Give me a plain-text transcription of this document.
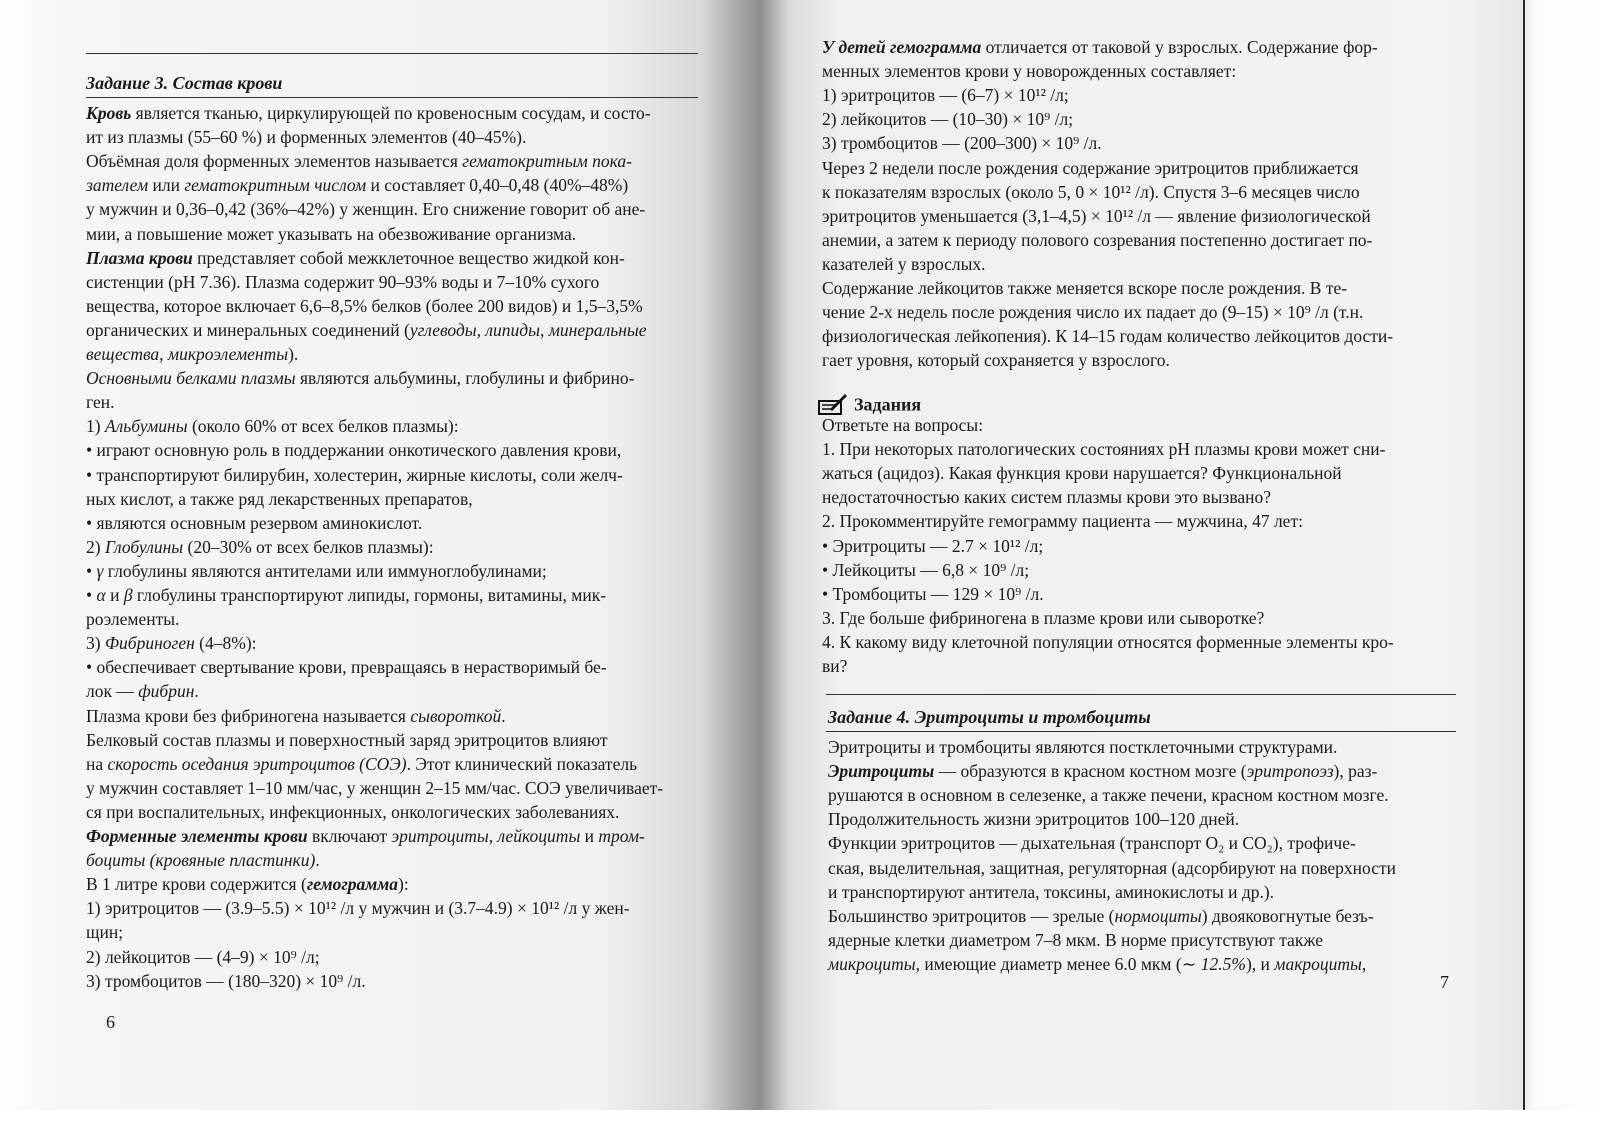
Задание 3. Состав крови
Кровь является тканью, циркулирующей по кровеносным сосудам, и состо-
ит из плазмы (55–60 %) и форменных элементов (40–45%).
Объёмная доля форменных элементов называется гематокритным пока-
зателем или гематокритным числом и составляет 0,40–0,48 (40%–48%)
у мужчин и 0,36–0,42 (36%–42%) у женщин. Его снижение говорит об ане-
мии, а повышение может указывать на обезвоживание организма.
Плазма крови представляет собой межклеточное вещество жидкой кон-
систенции (pH 7.36). Плазма содержит 90–93% воды и 7–10% сухого
вещества, которое включает 6,6–8,5% белков (более 200 видов) и 1,5–3,5%
органических и минеральных соединений (углеводы, липиды, минеральные
вещества, микроэлементы).
Основными белками плазмы являются альбумины, глобулины и фибрино-
ген.
1) Альбумины (около 60% от всех белков плазмы):
• играют основную роль в поддержании онкотического давления крови,
• транспортируют билирубин, холестерин, жирные кислоты, соли желч-
ных кислот, а также ряд лекарственных препаратов,
• являются основным резервом аминокислот.
2) Глобулины (20–30% от всех белков плазмы):
• γ глобулины являются антителами или иммуноглобулинами;
• α и β глобулины транспортируют липиды, гормоны, витамины, мик-
роэлементы.
3) Фибриноген (4–8%):
• обеспечивает свертывание крови, превращаясь в нерастворимый бе-
лок — фибрин.
Плазма крови без фибриногена называется сывороткой.
Белковый состав плазмы и поверхностный заряд эритроцитов влияют
на скорость оседания эритроцитов (СОЭ). Этот клинический показатель
у мужчин составляет 1–10 мм/час, у женщин 2–15 мм/час. СОЭ увеличивает-
ся при воспалительных, инфекционных, онкологических заболеваниях.
Форменные элементы крови включают эритроциты, лейкоциты и тром-
боциты (кровяные пластинки).
В 1 литре крови содержится (гемограмма):
1) эритроцитов — (3.9–5.5) × 10¹² /л у мужчин и (3.7–4.9) × 10¹² /л у жен-
щин;
2) лейкоцитов — (4–9) × 10⁹ /л;
3) тромбоцитов — (180–320) × 10⁹ /л.
6
У детей гемограмма отличается от таковой у взрослых. Содержание фор-
менных элементов крови у новорожденных составляет:
1) эритроцитов — (6–7) × 10¹² /л;
2) лейкоцитов — (10–30) × 10⁹ /л;
3) тромбоцитов — (200–300) × 10⁹ /л.
Через 2 недели после рождения содержание эритроцитов приближается
к показателям взрослых (около 5, 0 × 10¹² /л). Спустя 3–6 месяцев число
эритроцитов уменьшается (3,1–4,5) × 10¹² /л — явление физиологической
анемии, а затем к периоду полового созревания постепенно достигает по-
казателей у взрослых.
Содержание лейкоцитов также меняется вскоре после рождения. В те-
чение 2-х недель после рождения число их падает до (9–15) × 10⁹ /л (т.н.
физиологическая лейкопения). К 14–15 годам количество лейкоцитов дости-
гает уровня, который сохраняется у взрослого.
Задания
Ответьте на вопросы:
1. При некоторых патологических состояниях pH плазмы крови может сни-
жаться (ацидоз). Какая функция крови нарушается? Функциональной
недостаточностью каких систем плазмы крови это вызвано?
2. Прокомментируйте гемограмму пациента — мужчина, 47 лет:
• Эритроциты — 2.7 × 10¹² /л;
• Лейкоциты — 6,8 × 10⁹ /л;
• Тромбоциты — 129 × 10⁹ /л.
3. Где больше фибриногена в плазме крови или сыворотке?
4. К какому виду клеточной популяции относятся форменные элементы кро-
ви?
Задание 4. Эритроциты и тромбоциты
Эритроциты и тромбоциты являются постклеточными структурами.
Эритроциты — образуются в красном костном мозге (эритропоэз), раз-
рушаются в основном в селезенке, а также печени, красном костном мозге.
Продолжительность жизни эритроцитов 100–120 дней.
Функции эритроцитов — дыхательная (транспорт O₂ и CO₂), трофиче-
ская, выделительная, защитная, регуляторная (адсорбируют на поверхности
и транспортируют антитела, токсины, аминокислоты и др.).
Большинство эритроцитов — зрелые (нормоциты) двояковогнутые безъ-
ядерные клетки диаметром 7–8 мкм. В норме присутствуют также
микроциты, имеющие диаметр менее 6.0 мкм (∼ 12.5%), и макроциты,
7
